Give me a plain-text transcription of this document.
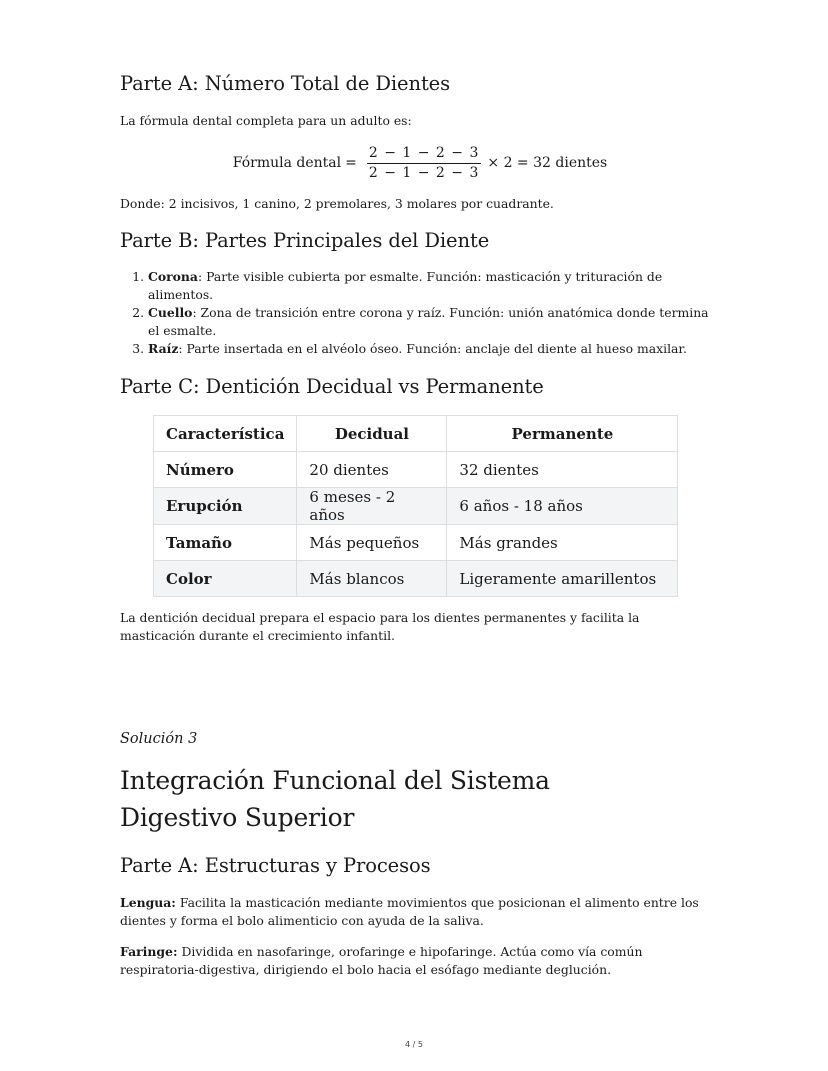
Parte A: Número Total de Dientes

La fórmula dental completa para un adulto es:

Fórmula dental = $\frac{2 - 1 - 2 - 3}{2 - 1 - 2 - 3} \times 2 = 32$ dientes

Donde: 2 incisivos, 1 canino, 2 premolares, 3 molares por cuadrante.

Parte B: Partes Principales del Diente
1. Corona: Parte visible cubierta por esmalte. Función: masticación y trituración de alimentos.
2. Cuello: Zona de transición entre corona y raíz. Función: unión anatómica donde termina el esmalte.
3. Raíz: Parte insertada en el alvéolo óseo. Función: anclaje del diente al hueso maxilar.
Parte C: Dentición Decidual vs Permanente
Característica	Decidual	Permanente
Número	20 dientes	32 dientes
Erupción	6 meses - 2 años	6 años - 18 años
Tamaño	Más pequeños	Más grandes
Color	Más blancos	Ligeramente amarillentos

La dentición decidual prepara el espacio para los dientes permanentes y facilita la masticación durante el crecimiento infantil.

Solución 3

Integración Funcional del Sistema
Digestivo Superior
Parte A: Estructuras y Procesos

Lengua: Facilita la masticación mediante movimientos que posicionan el alimento entre los dientes y forma el bolo alimenticio con ayuda de la saliva.

Faringe: Dividida en nasofaringe, orofaringe e hipofaringe. Actúa como vía común respiratoria-digestiva, dirigiendo el bolo hacia el esófago mediante deglución.

4 / 5
